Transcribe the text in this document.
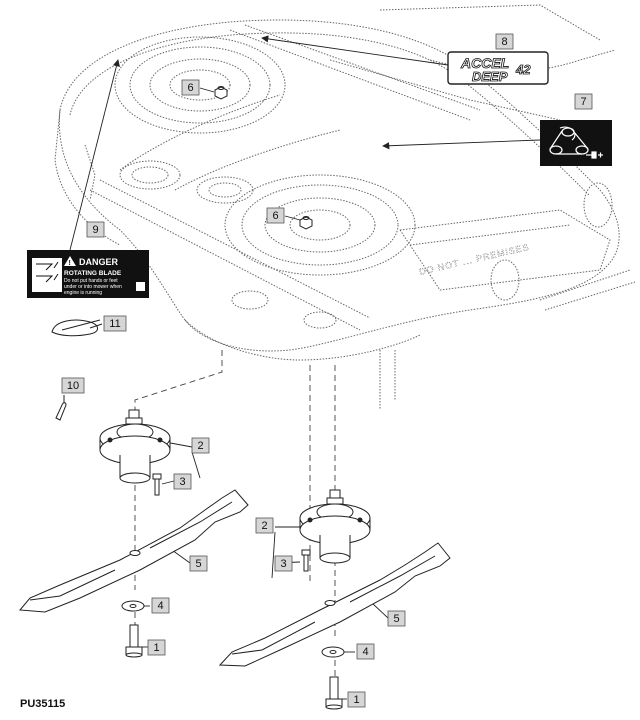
DO NOT ... PREMISES
ACCEL 42
DEEP
! DANGER
ROTATING BLADE
Do not put hands or feet
under or into mower when
engine is running
8
7
6
6
9
11
10
2
3
2
3
5
4
5
1	4
1
PU35115
